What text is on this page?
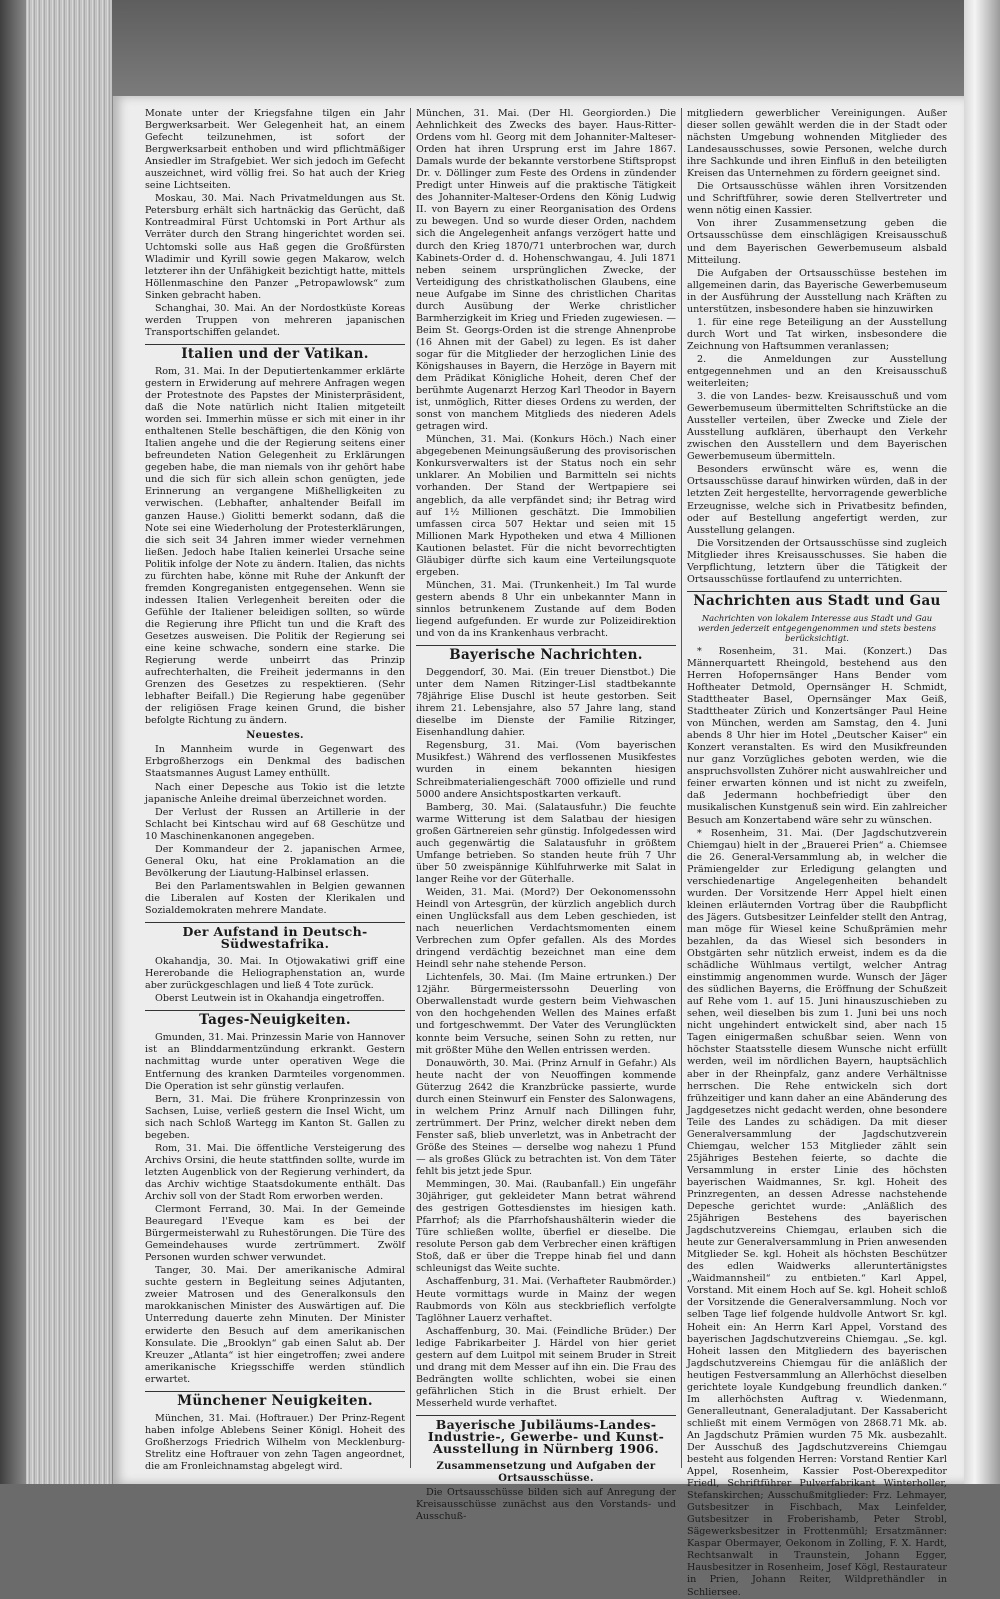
Monate unter der Kriegsfahne tilgen ein Jahr Bergwerksarbeit. Wer Gelegenheit hat, an einem Gefecht teilzunehmen, ist sofort der Bergwerksarbeit enthoben und wird pflichtmäßiger Ansiedler im Strafgebiet. Wer sich jedoch im Gefecht auszeichnet, wird völlig frei. So hat auch der Krieg seine Lichtseiten.

Moskau, 30. Mai. Nach Privatmeldungen aus St. Petersburg erhält sich hartnäckig das Gerücht, daß Kontreadmiral Fürst Uchtomski in Port Arthur als Verräter durch den Strang hingerichtet worden sei. Uchtomski solle aus Haß gegen die Großfürsten Wladimir und Kyrill sowie gegen Makarow, welch letzterer ihn der Unfähigkeit bezichtigt hatte, mittels Höllenmaschine den Panzer „Petropawlowsk“ zum Sinken gebracht haben.

Schanghai, 30. Mai. An der Nordostküste Koreas werden Truppen von mehreren japanischen Transportschiffen gelandet.

Italien und der Vatikan.

Rom, 31. Mai. In der Deputiertenkammer erklärte gestern in Erwiderung auf mehrere Anfragen wegen der Protestnote des Papstes der Ministerpräsident, daß die Note natürlich nicht Italien mitgeteilt worden sei. Immerhin müsse er sich mit einer in ihr enthaltenen Stelle beschäftigen, die den König von Italien angehe und die der Regierung seitens einer befreundeten Nation Gelegenheit zu Erklärungen gegeben habe, die man niemals von ihr gehört habe und die sich für sich allein schon genügten, jede Erinnerung an vergangene Mißhelligkeiten zu verwischen. (Lebhafter, anhaltender Beifall im ganzen Hause.) Giolitti bemerkt sodann, daß die Note sei eine Wiederholung der Protesterklärungen, die sich seit 34 Jahren immer wieder vernehmen ließen. Jedoch habe Italien keinerlei Ursache seine Politik infolge der Note zu ändern. Italien, das nichts zu fürchten habe, könne mit Ruhe der Ankunft der fremden Kongreganisten entgegensehen. Wenn sie indessen Italien Verlegenheit bereiten oder die Gefühle der Italiener beleidigen sollten, so würde die Regierung ihre Pflicht tun und die Kraft des Gesetzes ausweisen. Die Politik der Regierung sei eine keine schwache, sondern eine starke. Die Regierung werde unbeirrt das Prinzip aufrechterhalten, die Freiheit jedermanns in den Grenzen des Gesetzes zu respektieren. (Sehr lebhafter Beifall.) Die Regierung habe gegenüber der religiösen Frage keinen Grund, die bisher befolgte Richtung zu ändern.

Neuestes.

In Mannheim wurde in Gegenwart des Erbgroßherzogs ein Denkmal des badischen Staatsmannes August Lamey enthüllt.

Nach einer Depesche aus Tokio ist die letzte japanische Anleihe dreimal überzeichnet worden.

Der Verlust der Russen an Artillerie in der Schlacht bei Kintschau wird auf 68 Geschütze und 10 Maschinenkanonen angegeben.

Der Kommandeur der 2. japanischen Armee, General Oku, hat eine Proklamation an die Bevölkerung der Liautung-Halbinsel erlassen.

Bei den Parlamentswahlen in Belgien gewannen die Liberalen auf Kosten der Klerikalen und Sozialdemokraten mehrere Mandate.

Der Aufstand in Deutsch-Südwestafrika.

Okahandja, 30. Mai. In Otjowakatiwi griff eine Hererobande die Heliographenstation an, wurde aber zurückgeschlagen und ließ 4 Tote zurück.

Oberst Leutwein ist in Okahandja eingetroffen.

Tages-Neuigkeiten.

Gmunden, 31. Mai. Prinzessin Marie von Hannover ist an Blinddarmentzündung erkrankt. Gestern nachmittag wurde unter operativen Wege die Entfernung des kranken Darmteiles vorgenommen. Die Operation ist sehr günstig verlaufen.

Bern, 31. Mai. Die frühere Kronprinzessin von Sachsen, Luise, verließ gestern die Insel Wicht, um sich nach Schloß Wartegg im Kanton St. Gallen zu begeben.

Rom, 31. Mai. Die öffentliche Versteigerung des Archivs Orsini, die heute stattfinden sollte, wurde im letzten Augenblick von der Regierung verhindert, da das Archiv wichtige Staatsdokumente enthält. Das Archiv soll von der Stadt Rom erworben werden.

Clermont Ferrand, 30. Mai. In der Gemeinde Beauregard l'Eveque kam es bei der Bürgermeisterwahl zu Ruhestörungen. Die Türe des Gemeindehauses wurde zertrümmert. Zwölf Personen wurden schwer verwundet.

Tanger, 30. Mai. Der amerikanische Admiral suchte gestern in Begleitung seines Adjutanten, zweier Matrosen und des Generalkonsuls den marokkanischen Minister des Auswärtigen auf. Die Unterredung dauerte zehn Minuten. Der Minister erwiderte den Besuch auf dem amerikanischen Konsulate. Die „Brooklyn“ gab einen Salut ab. Der Kreuzer „Atlanta“ ist hier eingetroffen; zwei andere amerikanische Kriegsschiffe werden stündlich erwartet.

Münchener Neuigkeiten.

München, 31. Mai. (Hoftrauer.) Der Prinz-Regent haben infolge Ablebens Seiner Königl. Hoheit des Großherzogs Friedrich Wilhelm von Mecklenburg-Strelitz eine Hoftrauer von zehn Tagen angeordnet, die am Fronleichnamstag abgelegt wird.

München, 31. Mai. (Der Hl. Georgiorden.) Die Aehnlichkeit des Zwecks des bayer. Haus-Ritter-Ordens vom hl. Georg mit dem Johanniter-Malteser-Orden hat ihren Ursprung erst im Jahre 1867. Damals wurde der bekannte verstorbene Stiftspropst Dr. v. Döllinger zum Feste des Ordens in zündender Predigt unter Hinweis auf die praktische Tätigkeit des Johanniter-Malteser-Ordens den König Ludwig II. von Bayern zu einer Reorganisation des Ordens zu bewegen. Und so wurde dieser Orden, nachdem sich die Angelegenheit anfangs verzögert hatte und durch den Krieg 1870/71 unterbrochen war, durch Kabinets-Order d. d. Hohenschwangau, 4. Juli 1871 neben seinem ursprünglichen Zwecke, der Verteidigung des christkatholischen Glaubens, eine neue Aufgabe im Sinne des christlichen Charitas durch Ausübung der Werke christlicher Barmherzigkeit im Krieg und Frieden zugewiesen. — Beim St. Georgs-Orden ist die strenge Ahnenprobe (16 Ahnen mit der Gabel) zu legen. Es ist daher sogar für die Mitglieder der herzoglichen Linie des Königshauses in Bayern, die Herzöge in Bayern mit dem Prädikat Königliche Hoheit, deren Chef der berühmte Augenarzt Herzog Karl Theodor in Bayern ist, unmöglich, Ritter dieses Ordens zu werden, der sonst von manchem Mitglieds des niederen Adels getragen wird.

München, 31. Mai. (Konkurs Höch.) Nach einer abgegebenen Meinungsäußerung des provisorischen Konkursverwalters ist der Status noch ein sehr unklarer. An Mobilien und Barmitteln sei nichts vorhanden. Der Stand der Wertpapiere sei angeblich, da alle verpfändet sind; ihr Betrag wird auf 1½ Millionen geschätzt. Die Immobilien umfassen circa 507 Hektar und seien mit 15 Millionen Mark Hypotheken und etwa 4 Millionen Kautionen belastet. Für die nicht bevorrechtigten Gläubiger dürfte sich kaum eine Verteilungsquote ergeben.

München, 31. Mai. (Trunkenheit.) Im Tal wurde gestern abends 8 Uhr ein unbekannter Mann in sinnlos betrunkenem Zustande auf dem Boden liegend aufgefunden. Er wurde zur Polizeidirektion und von da ins Krankenhaus verbracht.

Bayerische Nachrichten.

Deggendorf, 30. Mai. (Ein treuer Dienstbot.) Die unter dem Namen Ritzinger-Lisl stadtbekannte 78jährige Elise Duschl ist heute gestorben. Seit ihrem 21. Lebensjahre, also 57 Jahre lang, stand dieselbe im Dienste der Familie Ritzinger, Eisenhandlung dahier.

Regensburg, 31. Mai. (Vom bayerischen Musikfest.) Während des verflossenen Musikfestes wurden in einem bekannten hiesigen Schreibmaterialiengeschäft 7000 offizielle und rund 5000 andere Ansichtspostkarten verkauft.

Bamberg, 30. Mai. (Salatausfuhr.) Die feuchte warme Witterung ist dem Salatbau der hiesigen großen Gärtnereien sehr günstig. Infolgedessen wird auch gegenwärtig die Salatausfuhr in größtem Umfange betrieben. So standen heute früh 7 Uhr über 50 zweispännige Kühlfuhrwerke mit Salat in langer Reihe vor der Güterhalle.

Weiden, 31. Mai. (Mord?) Der Oekonomenssohn Heindl von Artesgrün, der kürzlich angeblich durch einen Unglücksfall aus dem Leben geschieden, ist nach neuerlichen Verdachtsmomenten einem Verbrechen zum Opfer gefallen. Als des Mordes dringend verdächtig bezeichnet man eine dem Heindl sehr nahe stehende Person.

Lichtenfels, 30. Mai. (Im Maine ertrunken.) Der 12jähr. Bürgermeisterssohn Deuerling von Oberwallenstadt wurde gestern beim Viehwaschen von den hochgehenden Wellen des Maines erfaßt und fortgeschwemmt. Der Vater des Verunglückten konnte beim Versuche, seinen Sohn zu retten, nur mit größter Mühe den Wellen entrissen werden.

Donauwörth, 30. Mai. (Prinz Arnulf in Gefahr.) Als heute nacht der von Neuoffingen kommende Güterzug 2642 die Kranzbrücke passierte, wurde durch einen Steinwurf ein Fenster des Salonwagens, in welchem Prinz Arnulf nach Dillingen fuhr, zertrümmert. Der Prinz, welcher direkt neben dem Fenster saß, blieb unverletzt, was in Anbetracht der Größe des Steines — derselbe wog nahezu 1 Pfund — als großes Glück zu betrachten ist. Von dem Täter fehlt bis jetzt jede Spur.

Memmingen, 30. Mai. (Raubanfall.) Ein ungefähr 30jähriger, gut gekleideter Mann betrat während des gestrigen Gottesdienstes im hiesigen kath. Pfarrhof; als die Pfarrhofshaushälterin wieder die Türe schließen wollte, überfiel er dieselbe. Die resolute Person gab dem Verbrecher einen kräftigen Stoß, daß er über die Treppe hinab fiel und dann schleunigst das Weite suchte.

Aschaffenburg, 31. Mai. (Verhafteter Raubmörder.) Heute vormittags wurde in Mainz der wegen Raubmords von Köln aus steckbrieflich verfolgte Taglöhner Lauerz verhaftet.

Aschaffenburg, 30. Mai. (Feindliche Brüder.) Der ledige Fabrikarbeiter J. Härdel von hier geriet gestern auf dem Luitpol mit seinem Bruder in Streit und drang mit dem Messer auf ihn ein. Die Frau des Bedrängten wollte schlichten, wobei sie einen gefährlichen Stich in die Brust erhielt. Der Messerheld wurde verhaftet.

Bayerische Jubiläums-Landes-Industrie-, Gewerbe- und Kunst-Ausstellung in Nürnberg 1906.
Zusammensetzung und Aufgaben der Ortsausschüsse.

Die Ortsausschüsse bilden sich auf Anregung der Kreisausschüsse zunächst aus den Vorstands- und Ausschuß-

mitgliedern gewerblicher Vereinigungen. Außer dieser sollen gewählt werden die in der Stadt oder nächsten Umgebung wohnenden Mitglieder des Landesausschusses, sowie Personen, welche durch ihre Sachkunde und ihren Einfluß in den beteiligten Kreisen das Unternehmen zu fördern geeignet sind.

Die Ortsausschüsse wählen ihren Vorsitzenden und Schriftführer, sowie deren Stellvertreter und wenn nötig einen Kassier.

Von ihrer Zusammensetzung geben die Ortsausschüsse dem einschlägigen Kreisausschuß und dem Bayerischen Gewerbemuseum alsbald Mitteilung.

Die Aufgaben der Ortsausschüsse bestehen im allgemeinen darin, das Bayerische Gewerbemuseum in der Ausführung der Ausstellung nach Kräften zu unterstützen, insbesondere haben sie hinzuwirken

1. für eine rege Beteiligung an der Ausstellung durch Wort und Tat wirken, insbesondere die Zeichnung von Haftsummen veranlassen;

2. die Anmeldungen zur Ausstellung entgegennehmen und an den Kreisausschuß weiterleiten;

3. die von Landes- bezw. Kreisausschuß und vom Gewerbemuseum übermittelten Schriftstücke an die Aussteller verteilen, über Zwecke und Ziele der Ausstellung aufklären, überhaupt den Verkehr zwischen den Ausstellern und dem Bayerischen Gewerbemuseum übermitteln.

Besonders erwünscht wäre es, wenn die Ortsausschüsse darauf hinwirken würden, daß in der letzten Zeit hergestellte, hervorragende gewerbliche Erzeugnisse, welche sich in Privatbesitz befinden, oder auf Bestellung angefertigt werden, zur Ausstellung gelangen.

Die Vorsitzenden der Ortsausschüsse sind zugleich Mitglieder ihres Kreisausschusses. Sie haben die Verpflichtung, letztern über die Tätigkeit der Ortsausschüsse fortlaufend zu unterrichten.

Nachrichten aus Stadt und Gau
Nachrichten von lokalem Interesse aus Stadt und Gau werden jederzeit entgegengenommen und stets bestens berücksichtigt.

* Rosenheim, 31. Mai. (Konzert.) Das Männerquartett Rheingold, bestehend aus den Herren Hofopernsänger Hans Bender vom Hoftheater Detmold, Opernsänger H. Schmidt, Stadttheater Basel, Opernsänger Max Geiß, Stadttheater Zürich und Konzertsänger Paul Heine von München, werden am Samstag, den 4. Juni abends 8 Uhr hier im Hotel „Deutscher Kaiser“ ein Konzert veranstalten. Es wird den Musikfreunden nur ganz Vorzügliches geboten werden, wie die anspruchsvollsten Zuhörer nicht auswahlreicher und feiner erwarten können und ist nicht zu zweifeln, daß Jedermann hochbefriedigt über den musikalischen Kunstgenuß sein wird. Ein zahlreicher Besuch am Konzertabend wäre sehr zu wünschen.

* Rosenheim, 31. Mai. (Der Jagdschutzverein Chiemgau) hielt in der „Brauerei Prien“ a. Chiemsee die 26. General-Versammlung ab, in welcher die Prämiengelder zur Erledigung gelangten und verschiedenartige Angelegenheiten behandelt wurden. Der Vorsitzende Herr Appel hielt einen kleinen erläuternden Vortrag über die Raubpflicht des Jägers. Gutsbesitzer Leinfelder stellt den Antrag, man möge für Wiesel keine Schußprämien mehr bezahlen, da das Wiesel sich besonders in Obstgärten sehr nützlich erweist, indem es da die schädliche Wühlmaus vertilgt, welcher Antrag einstimmig angenommen wurde. Wunsch der Jäger des südlichen Bayerns, die Eröffnung der Schußzeit auf Rehe vom 1. auf 15. Juni hinauszuschieben zu sehen, weil dieselben bis zum 1. Juni bei uns noch nicht ungehindert entwickelt sind, aber nach 15 Tagen einigermaßen schußbar seien. Wenn von höchster Staatsstelle diesem Wunsche nicht erfüllt werden, weil im nördlichen Bayern, hauptsächlich aber in der Rheinpfalz, ganz andere Verhältnisse herrschen. Die Rehe entwickeln sich dort frühzeitiger und kann daher an eine Abänderung des Jagdgesetzes nicht gedacht werden, ohne besondere Teile des Landes zu schädigen. Da mit dieser Generalversammlung der Jagdschutzverein Chiemgau, welcher 153 Mitglieder zählt sein 25jähriges Bestehen feierte, so dachte die Versammlung in erster Linie des höchsten bayerischen Waidmannes, Sr. kgl. Hoheit des Prinzregenten, an dessen Adresse nachstehende Depesche gerichtet wurde: „Anläßlich des 25jährigen Bestehens des bayerischen Jagdschutzvereins Chiemgau, erlauben sich die heute zur Generalversammlung in Prien anwesenden Mitglieder Se. kgl. Hoheit als höchsten Beschützer des edlen Waidwerks alleruntertänigstes „Waidmannsheil“ zu entbieten.“ Karl Appel, Vorstand. Mit einem Hoch auf Se. kgl. Hoheit schloß der Vorsitzende die Generalversammlung. Noch vor selben Tage lief folgende huldvolle Antwort Sr. kgl. Hoheit ein: An Herrn Karl Appel, Vorstand des bayerischen Jagdschutzvereins Chiemgau. „Se. kgl. Hoheit lassen den Mitgliedern des bayerischen Jagdschutzvereins Chiemgau für die anläßlich der heutigen Festversammlung an Allerhöchst dieselben gerichtete loyale Kundgebung freundlich danken.“ Im allerhöchsten Auftrag v. Wiedenmann, Generalleutnant, Generaladjutant. Der Kassabericht schließt mit einem Vermögen von 2868.71 Mk. ab. An Jagdschutz Prämien wurden 75 Mk. ausbezahlt. Der Ausschuß des Jagdschutzvereins Chiemgau besteht aus folgenden Herren: Vorstand Rentier Karl Appel, Rosenheim, Kassier Post-Oberexpeditor Friedl, Schriftführer Pulverfabrikant Winterholler, Stefanskirchen; Ausschußmitglieder: Frz. Lehmayer, Gutsbesitzer in Fischbach, Max Leinfelder, Gutsbesitzer in Froberishamb, Peter Strobl, Sägewerksbesitzer in Frottenmühl; Ersatzmänner: Kaspar Obermayer, Oekonom in Zolling, F. X. Hardt, Rechtsanwalt in Traunstein, Johann Egger, Hausbesitzer in Rosenheim, Josef Kögl, Restaurateur in Prien, Johann Reiter, Wildprethändler in Schliersee.
